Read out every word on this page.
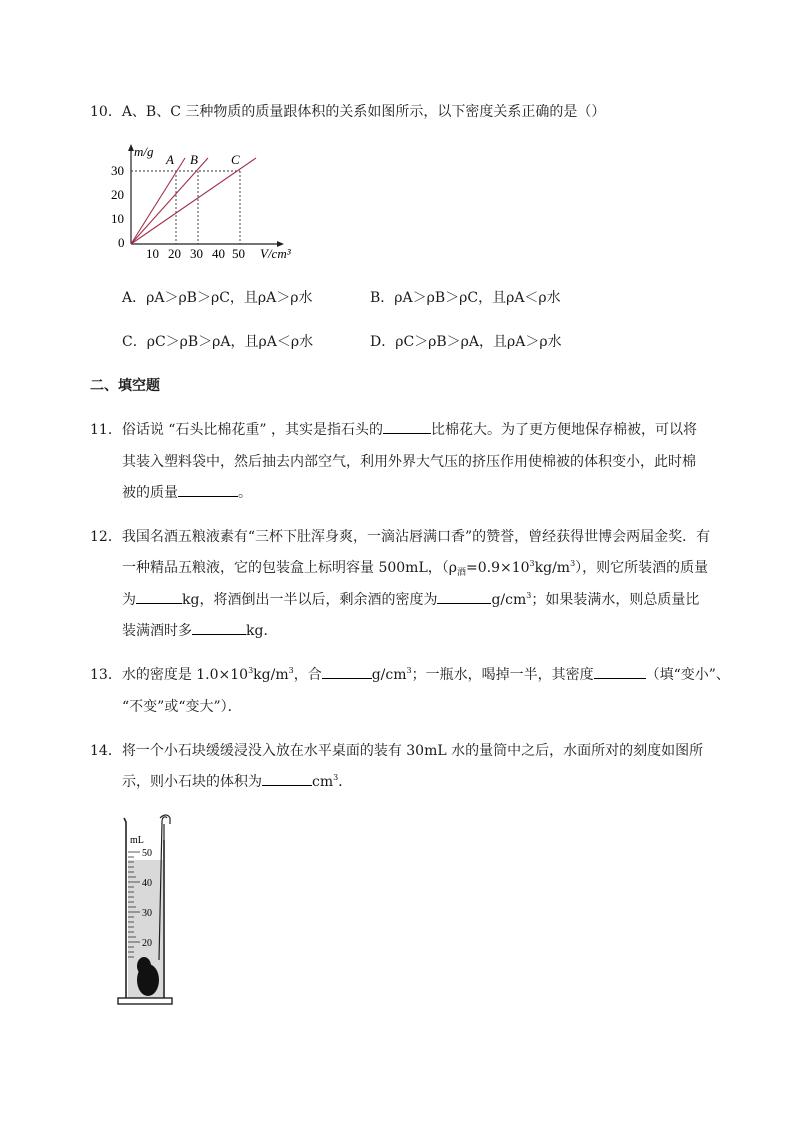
10．A、B、C 三种物质的质量跟体积的关系如图所示，以下密度关系正确的是（）
m/g
A B	C
30
20
10
0
10 20 30 40 50 V/cm³
A．ρA＞ρB＞ρC，且ρA＞ρ水	B．ρA＞ρB＞ρC，且ρA＜ρ水
C．ρC＞ρB＞ρA，且ρA＜ρ水	D．ρC＞ρB＞ρA，且ρA＞ρ水
二、填空题
11．俗话说 “石头比棉花重” ，其实是指石头的	比棉花大。为了更方便地保存棉被，可以将
其装入塑料袋中，然后抽去内部空气，利用外界大气压的挤压作用使棉被的体积变小，此时棉
被的质量	。
12．我国名酒五粮液素有“三杯下肚浑身爽，一滴沾唇满口香”的赞誉，曾经获得世博会两届金奖．有
一种精品五粮液，它的包装盒上标明容量 500mL，$(\rho_酒=0.9\times 10^3kg/m^3)$，则它所装酒的质量
为	kg，将酒倒出一半以后，剩余酒的密度为	$g/cm^3$；如果装满水，则总质量比
装满酒时多	kg．
13．水的密度是 $1.0\times 10^3kg/m^3$，合	$g/cm^3$；一瓶水，喝掉一半，其密度	（填“变小”、
“不变”或“变大”）．
14．将一个小石块缓缓浸没入放在水平桌面的装有 30mL 水的量筒中之后，水面所对的刻度如图所
示，则小石块的体积为	$cm^3$．
mL
50
40
30
20
